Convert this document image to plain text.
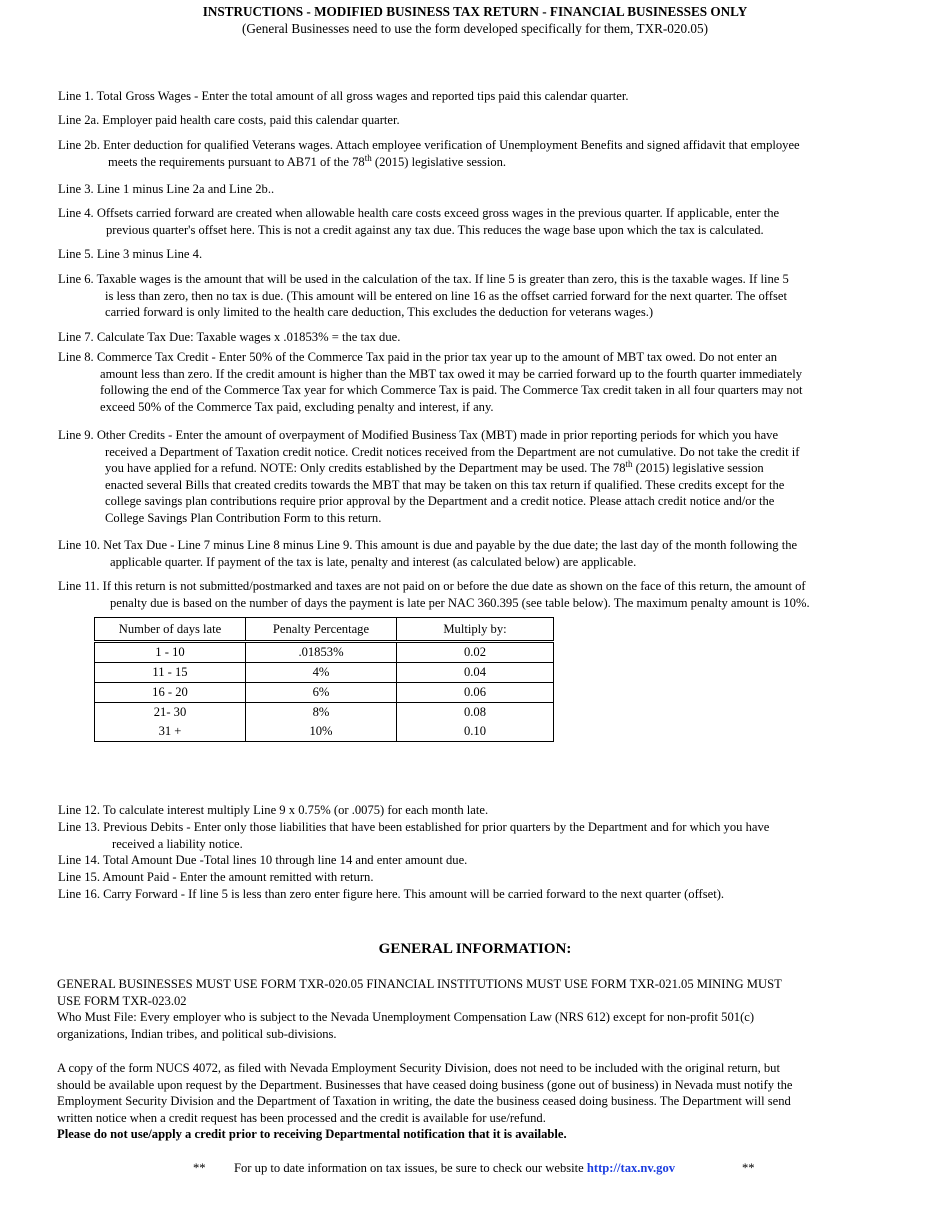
INSTRUCTIONS - MODIFIED BUSINESS TAX RETURN - FINANCIAL BUSINESSES ONLY
(General Businesses need to use the form developed specifically for them, TXR-020.05)
Line 1. Total Gross Wages - Enter the total amount of all gross wages and reported tips paid this calendar quarter.
Line 2a. Employer paid health care costs, paid this calendar quarter.
Line 2b. Enter deduction for qualified Veterans wages. Attach employee verification of Unemployment Benefits and signed affidavit that employee
meets the requirements pursuant to AB71 of the 78th (2015) legislative session.
Line 3. Line 1 minus Line 2a and Line 2b..
Line 4. Offsets carried forward are created when allowable health care costs exceed gross wages in the previous quarter. If applicable, enter the
previous quarter's offset here. This is not a credit against any tax due. This reduces the wage base upon which the tax is calculated.
Line 5. Line 3 minus Line 4.
Line 6. Taxable wages is the amount that will be used in the calculation of the tax. If line 5 is greater than zero, this is the taxable wages. If line 5
is less than zero, then no tax is due. (This amount will be entered on line 16 as the offset carried forward for the next quarter. The offset
carried forward is only limited to the health care deduction, This excludes the deduction for veterans wages.)
Line 7. Calculate Tax Due: Taxable wages x .01853% = the tax due.
Line 8. Commerce Tax Credit - Enter 50% of the Commerce Tax paid in the prior tax year up to the amount of MBT tax owed. Do not enter an
amount less than zero. If the credit amount is higher than the MBT tax owed it may be carried forward up to the fourth quarter immediately
following the end of the Commerce Tax year for which Commerce Tax is paid. The Commerce Tax credit taken in all four quarters may not
exceed 50% of the Commerce Tax paid, excluding penalty and interest, if any.
Line 9. Other Credits - Enter the amount of overpayment of Modified Business Tax (MBT) made in prior reporting periods for which you have
received a Department of Taxation credit notice. Credit notices received from the Department are not cumulative. Do not take the credit if
you have applied for a refund. NOTE: Only credits established by the Department may be used. The 78th (2015) legislative session
enacted several Bills that created credits towards the MBT that may be taken on this tax return if qualified. These credits except for the
college savings plan contributions require prior approval by the Department and a credit notice. Please attach credit notice and/or the
College Savings Plan Contribution Form to this return.
Line 10. Net Tax Due - Line 7 minus Line 8 minus Line 9. This amount is due and payable by the due date; the last day of the month following the
applicable quarter. If payment of the tax is late, penalty and interest (as calculated below) are applicable.
Line 11. If this return is not submitted/postmarked and taxes are not paid on or before the due date as shown on the face of this return, the amount of
penalty due is based on the number of days the payment is late per NAC 360.395 (see table below). The maximum penalty amount is 10%.
Number of days late	Penalty Percentage	Multiply by:
1 - 10	.01853%	0.02
11 - 15	4%	0.04
16 - 20	6%	0.06
21- 30	8%	0.08
31 +	10%	0.10
Line 12. To calculate interest multiply Line 9 x 0.75% (or .0075) for each month late.
Line 13. Previous Debits - Enter only those liabilities that have been established for prior quarters by the Department and for which you have
received a liability notice.
Line 14. Total Amount Due -Total lines 10 through line 14 and enter amount due.
Line 15. Amount Paid - Enter the amount remitted with return.
Line 16. Carry Forward - If line 5 is less than zero enter figure here. This amount will be carried forward to the next quarter (offset).
GENERAL INFORMATION:
GENERAL BUSINESSES MUST USE FORM TXR-020.05 FINANCIAL INSTITUTIONS MUST USE FORM TXR-021.05 MINING MUST
USE FORM TXR-023.02
Who Must File: Every employer who is subject to the Nevada Unemployment Compensation Law (NRS 612) except for non-profit 501(c)
organizations, Indian tribes, and political sub-divisions.
A copy of the form NUCS 4072, as filed with Nevada Employment Security Division, does not need to be included with the original return, but
should be available upon request by the Department. Businesses that have ceased doing business (gone out of business) in Nevada must notify the
Employment Security Division and the Department of Taxation in writing, the date the business ceased doing business. The Department will send
written notice when a credit request has been processed and the credit is available for use/refund.
Please do not use/apply a credit prior to receiving Departmental notification that it is available.
** For up to date information on tax issues, be sure to check our website http://tax.nv.gov	**
